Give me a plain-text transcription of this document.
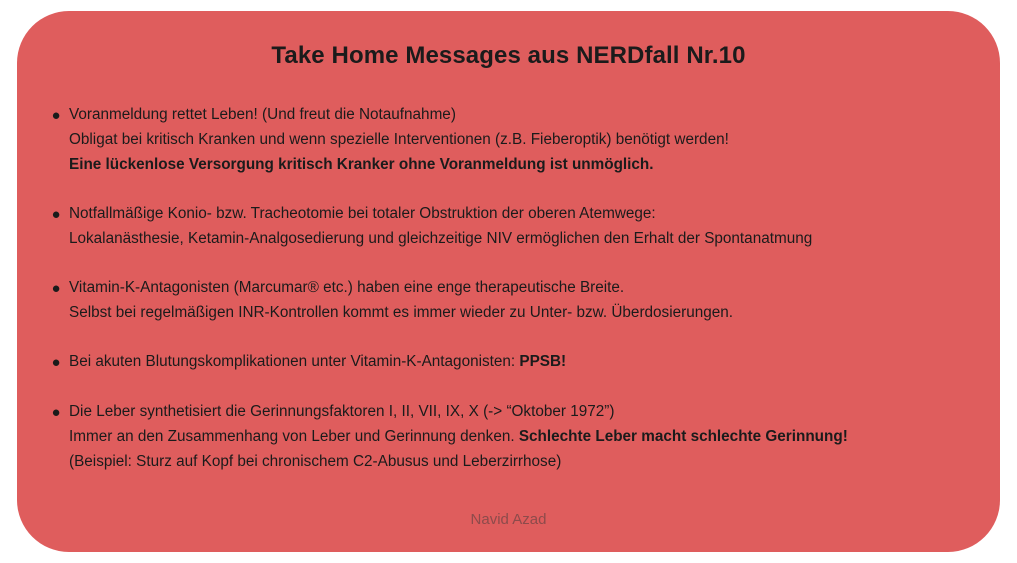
Take Home Messages aus NERDfall Nr.10
● Voranmeldung rettet Leben! (Und freut die Notaufnahme)
Obligat bei kritisch Kranken und wenn spezielle Interventionen (z.B. Fieberoptik) benötigt werden!
Eine lückenlose Versorgung kritisch Kranker ohne Voranmeldung ist unmöglich.
● Notfallmäßige Konio- bzw. Tracheotomie bei totaler Obstruktion der oberen Atemwege:
Lokalanästhesie, Ketamin-Analgosedierung und gleichzeitige NIV ermöglichen den Erhalt der Spontanatmung
● Vitamin-K-Antagonisten (Marcumar® etc.) haben eine enge therapeutische Breite.
Selbst bei regelmäßigen INR-Kontrollen kommt es immer wieder zu Unter- bzw. Überdosierungen.
● Bei akuten Blutungskomplikationen unter Vitamin-K-Antagonisten: PPSB!
● Die Leber synthetisiert die Gerinnungsfaktoren I, II, VII, IX, X (-> “Oktober 1972”)
Immer an den Zusammenhang von Leber und Gerinnung denken. Schlechte Leber macht schlechte Gerinnung!
(Beispiel: Sturz auf Kopf bei chronischem C2-Abusus und Leberzirrhose)
Navid Azad
